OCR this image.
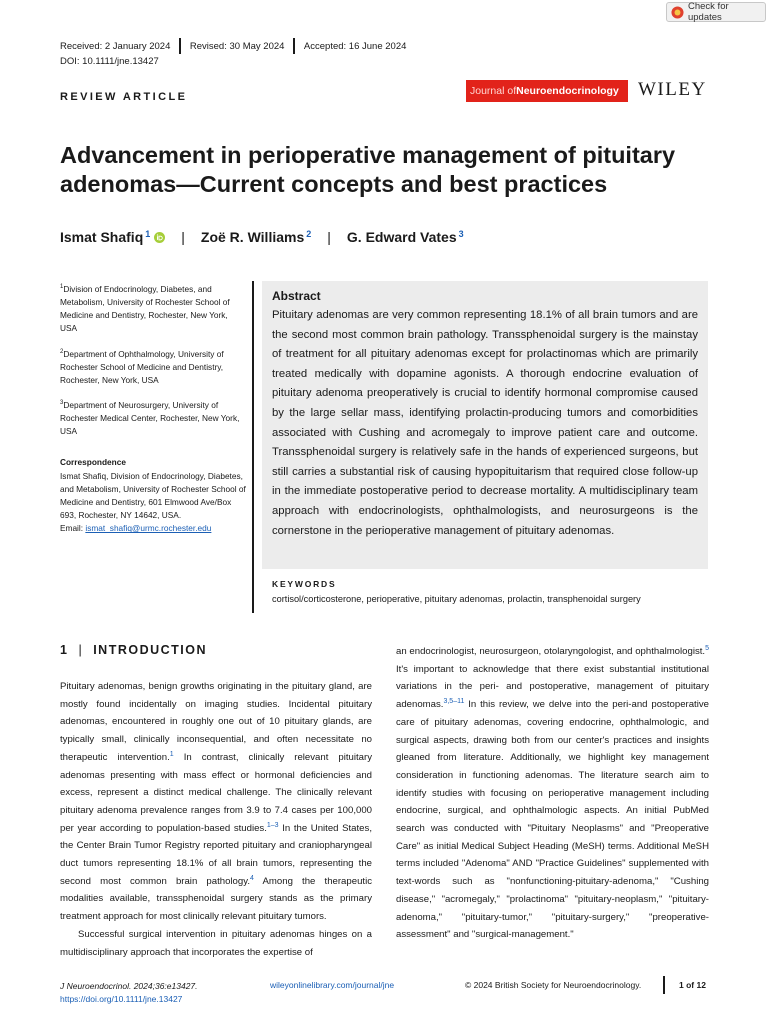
Check for updates
Received: 2 January 2024 Revised: 30 May 2024 Accepted: 16 June 2024
DOI: 10.1111/jne.13427
REVIEW ARTICLE	Journal of Neuroendocrinology WILEY
Advancement in perioperative management of pituitary adenomas—Current concepts and best practices
Ismat Shafiq$^1$ | Zoë R. Williams$^2$ | G. Edward Vates$^3$

$^1$Division of Endocrinology, Diabetes, and Metabolism, University of Rochester School of Medicine and Dentistry, Rochester, New York, USA

$^2$Department of Ophthalmology, University of Rochester School of Medicine and Dentistry, Rochester, New York, USA

$^3$Department of Neurosurgery, University of Rochester Medical Center, Rochester, New York, USA

Correspondence
Ismat Shafiq, Division of Endocrinology, Diabetes, and Metabolism, University of Rochester School of Medicine and Dentistry, 601 Elmwood Ave/Box 693, Rochester, NY 14642, USA.
Email: ismat_shafiq@urmc.rochester.edu
Abstract
Pituitary adenomas are very common representing 18.1% of all brain tumors and are the second most common brain pathology. Transsphenoidal surgery is the mainstay of treatment for all pituitary adenomas except for prolactinomas which are primarily treated medically with dopamine agonists. A thorough endocrine evaluation of pituitary adenoma preoperatively is crucial to identify hormonal compromise caused by the large sellar mass, identifying prolactin-producing tumors and comorbidities associated with Cushing and acromegaly to improve patient care and outcome. Transsphenoidal surgery is relatively safe in the hands of experienced surgeons, but still carries a substantial risk of causing hypopituitarism that required close follow-up in the immediate postoperative period to decrease mortality. A multidisciplinary team approach with endocrinologists, ophthalmologists, and neurosurgeons is the cornerstone in the perioperative management of pituitary adenomas.
KEYWORDS
cortisol/corticosterone, perioperative, pituitary adenomas, prolactin, transphenoidal surgery
1 | INTRODUCTION

Pituitary adenomas, benign growths originating in the pituitary gland, are mostly found incidentally on imaging studies. Incidental pituitary adenomas, encountered in roughly one out of 10 pituitary glands, are typically small, clinically inconsequential, and often necessitate no therapeutic intervention.$^1$ In contrast, clinically relevant pituitary adenomas presenting with mass effect or hormonal deficiencies and excess, represent a distinct medical challenge. The clinically relevant pituitary adenoma prevalence ranges from 3.9 to 7.4 cases per 100,000 per year according to population-based studies.$^{1-3}$ In the United States, the Center Brain Tumor Registry reported pituitary and craniopharyngeal duct tumors representing 18.1% of all brain tumors, representing the second most common brain pathology.$^4$ Among the therapeutic modalities available, transsphenoidal surgery stands as the primary treatment approach for most clinically relevant pituitary tumors.

Successful surgical intervention in pituitary adenomas hinges on a multidisciplinary approach that incorporates the expertise of

an endocrinologist, neurosurgeon, otolaryngologist, and ophthalmologist.$^5$ It's important to acknowledge that there exist substantial institutional variations in the peri- and postoperative, management of pituitary adenomas.$^{3,5-11}$ In this review, we delve into the peri-and postoperative care of pituitary adenomas, covering endocrine, ophthalmologic, and surgical aspects, drawing both from our center's practices and insights gleaned from literature. Additionally, we highlight key management consideration in functioning adenomas. The literature search aim to identify studies with focusing on perioperative management including endocrine, surgical, and ophthalmologic aspects. An initial PubMed search was conducted with "Pituitary Neoplasms" and "Preoperative Care" as initial Medical Subject Heading (MeSH) terms. Additional MeSH terms included "Adenoma" AND "Practice Guidelines" supplemented with text-words such as "nonfunctioning-pituitary-adenoma," "Cushing disease," "acromegaly," "prolactinoma" "pituitary-neoplasm," "pituitary-adenoma," "pituitary-tumor," "pituitary-surgery," "preoperative-assessment" and "surgical-management."

J Neuroendocrinol. 2024;36:e13427.
https://doi.org/10.1111/jne.13427
wileyonlinelibrary.com/journal/jne	© 2024 British Society for Neuroendocrinology.	1 of 12
